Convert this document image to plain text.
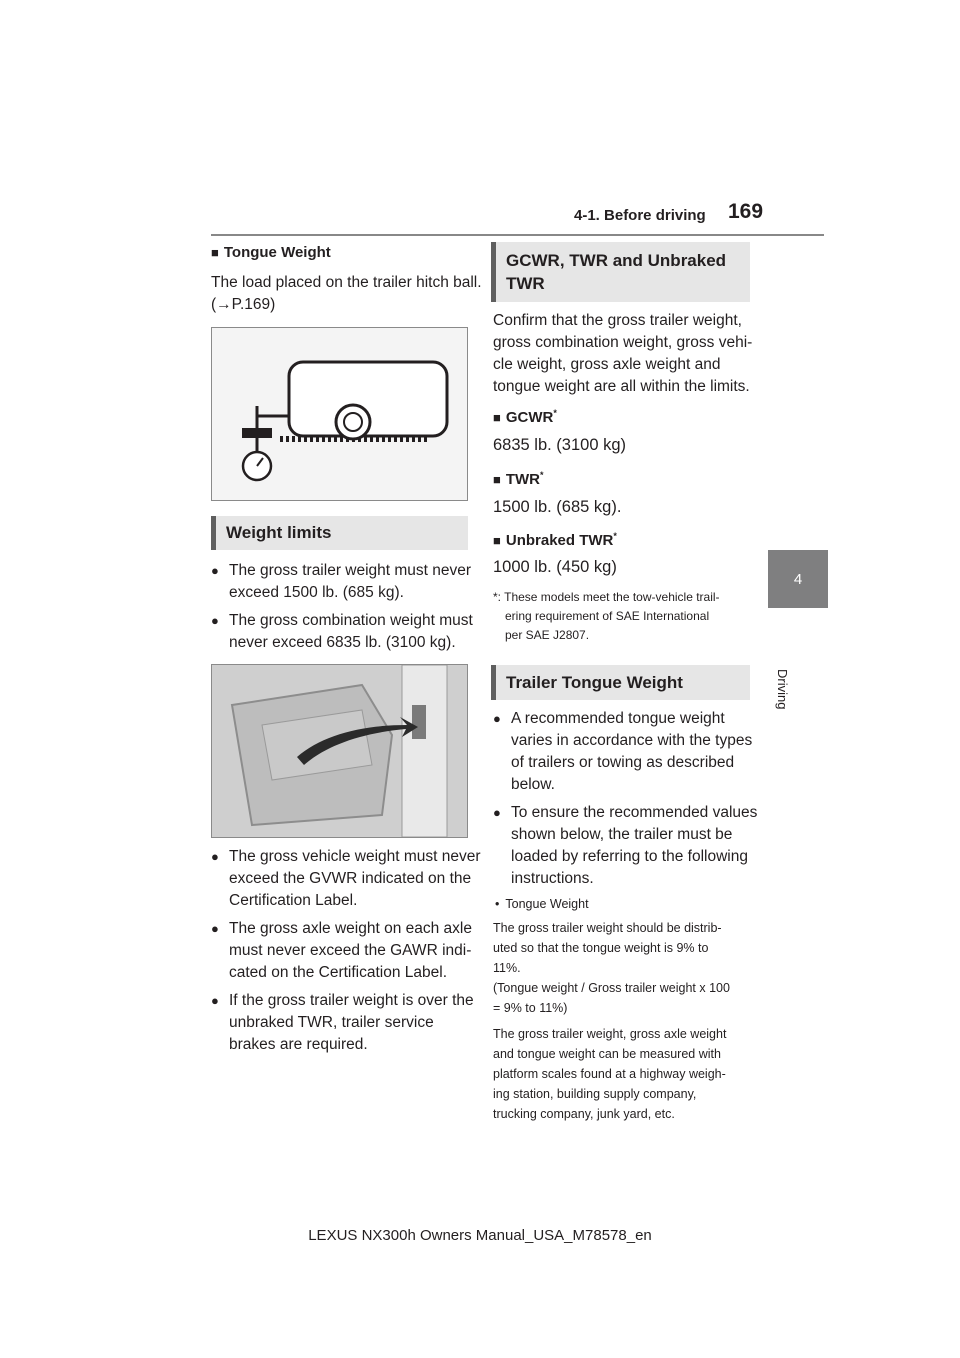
4-1. Before driving 169
4
Driving
■ Tongue Weight
The load placed on the trailer hitch ball.
(→P.169)
Weight limits
● The gross trailer weight must never
exceed 1500 lb. (685 kg).
● The gross combination weight must
never exceed 6835 lb. (3100 kg).
● The gross vehicle weight must never
exceed the GVWR indicated on the
Certification Label.
● The gross axle weight on each axle
must never exceed the GAWR indi-
cated on the Certification Label.
● If the gross trailer weight is over the
unbraked TWR, trailer service
brakes are required.
GCWR, TWR and Unbraked
TWR
Confirm that the gross trailer weight,
gross combination weight, gross vehi-
cle weight, gross axle weight and
tongue weight are all within the limits.
■ GCWR*
6835 lb. (3100 kg)
■ TWR*
1500 lb. (685 kg).
■ Unbraked TWR*
1000 lb. (450 kg)
*: These models meet the tow-vehicle trail-
ering requirement of SAE International
per SAE J2807.
Trailer Tongue Weight
● A recommended tongue weight
varies in accordance with the types
of trailers or towing as described
below.
● To ensure the recommended values
shown below, the trailer must be
loaded by referring to the following
instructions.
• Tongue Weight
The gross trailer weight should be distrib-
uted so that the tongue weight is 9% to
11%.
(Tongue weight / Gross trailer weight x 100
= 9% to 11%)
The gross trailer weight, gross axle weight
and tongue weight can be measured with
platform scales found at a highway weigh-
ing station, building supply company,
trucking company, junk yard, etc.
LEXUS NX300h Owners Manual_USA_M78578_en
